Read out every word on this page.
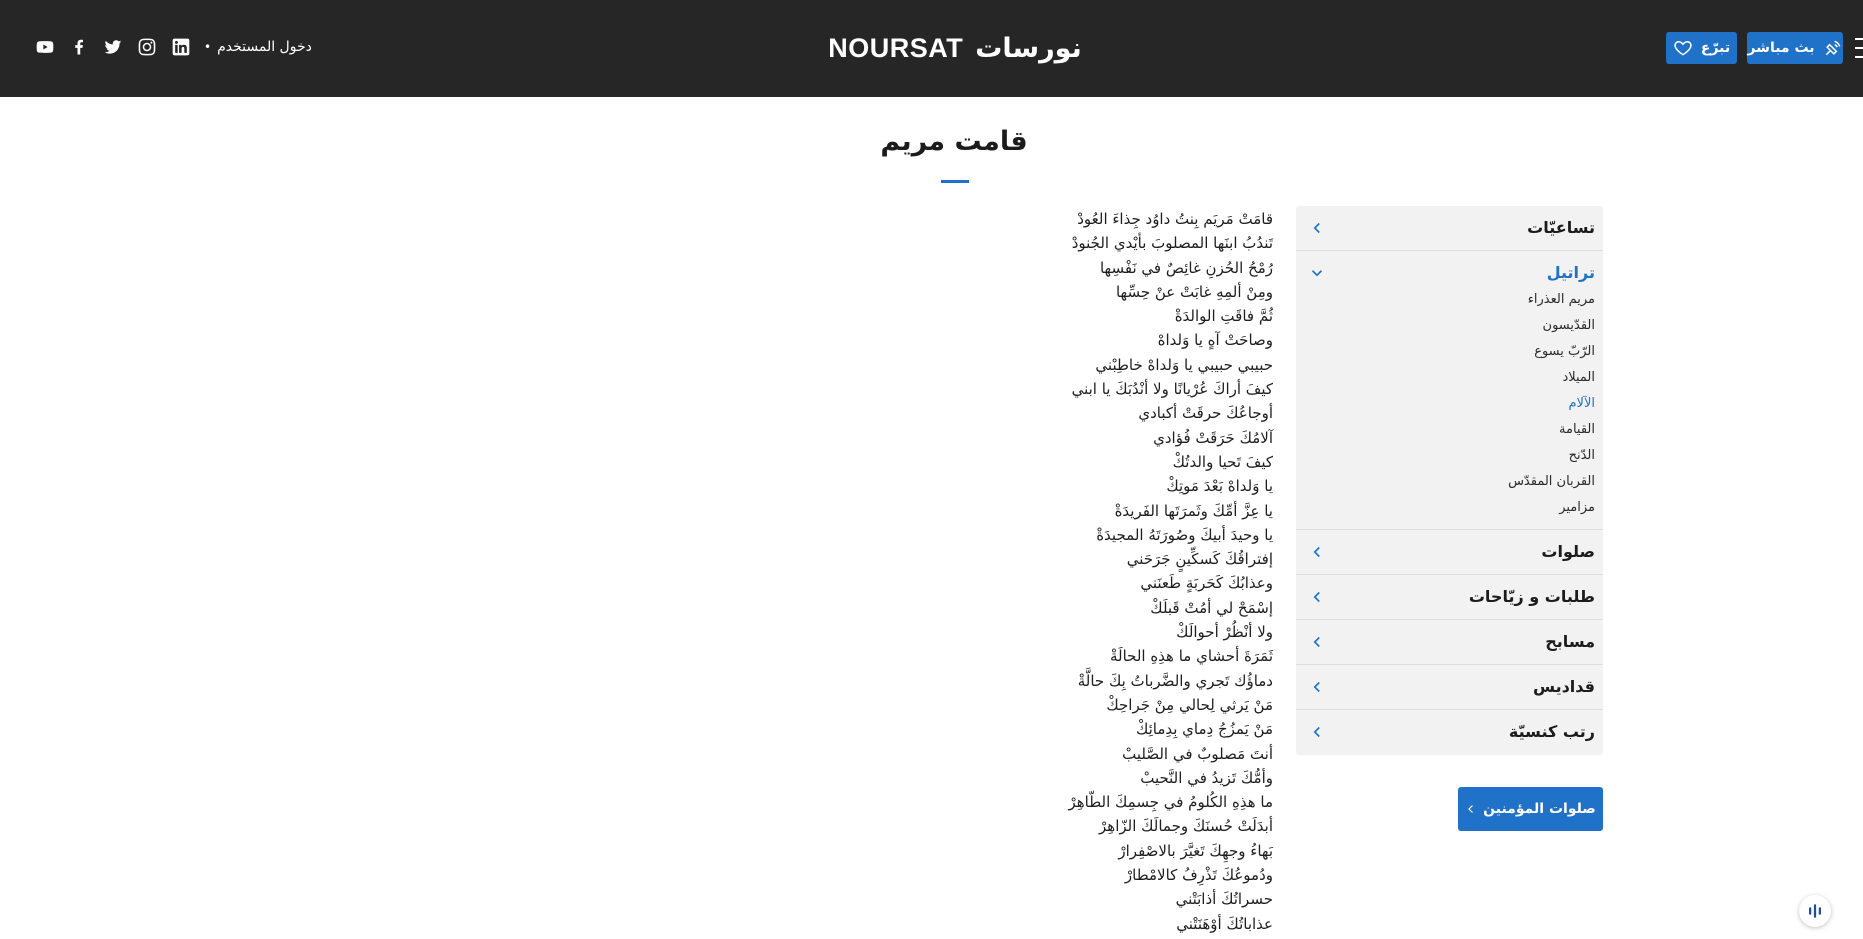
• دخول المستخدم	NOURSAT نورسات	تبرّع بث مباشر
قامت مريم
تساعيّات
تراتيل
مريم العذراء
القدّيسون
الرّبّ يسوع
الميلاد
الآلام
القيامة
الدّنح
القربان المقدّس
مزامير
صلوات
طلبات و زيّاحات
مسابح
قداديس
رتب كنسيّة
صلوات المؤمنين
قامَتْ مَريَم بِنتُ داوُد جِذاءَ العُودْ
تَندُبُ ابنَها المصلوبَ بأيْدي الجُنودْ
رُمْحُ الحُزنِ غائِصٌ في نَفْسِها
ومِنْ ألمِهِ غابَتْ عنْ حِسِّها
ثُمَّ فاقَتِ الوالدَةْ
وصاحَتْ آهٍ يا وَلداهْ
حبيبي حبيبي يا وَلداهْ خاطِبْني
كيفَ أراكَ عُرْيانًا ولا أنْدُبَكَ يا ابني
أوجاعُكَ حرقَتْ أكبادي
آلامُكَ حَرَقَتْ فُؤادي
كيفَ تَحيا والدتُكْ
يا وَلداهْ بَعْدَ مَوتِكْ
يا عِزَّ أمِّكَ وثَمرَتَها الفَريدَةْ
يا وحيدَ أبيكَ وصُورَتَهُ المجيدَةْ
إفتراقُكَ كَسكِّينٍ جَرَحَني
وعذابُكَ كَحَربَةٍ طَعنَني
إسْمَحْ لي أمُتْ قَبلَكْ
ولا أنْظُرْ أحوالَكْ
ثَمَرَةَ أحشاي ما هذِهِ الحالَةْ
دماؤُك تَجري والضَّرباتُ بِكَ حالَّةْ
مَنْ يَرثي لِحالي مِنْ جَراحِكْ
مَنْ يَمزُجُ دِماي بِدِمائِكْ
أنتَ مَصلوبٌ في الصَّليبْ
وأمُّكَ تَزيدُ في النَّحيبْ
ما هذِهِ الكُلومُ في جِسمِكَ الطّاهِرْ
أبدَلَتْ حُسنَكَ وجمالَكَ الزّاهِرْ
بَهاءُ وجهِكَ تَغيَّرَ بالاصْفِرارْ
ودُموعُكَ تَذْرِفُ كالامْطارْ
حسراتُكَ أذابَتْني
عذاباتُكَ أوْهَنَتْني
